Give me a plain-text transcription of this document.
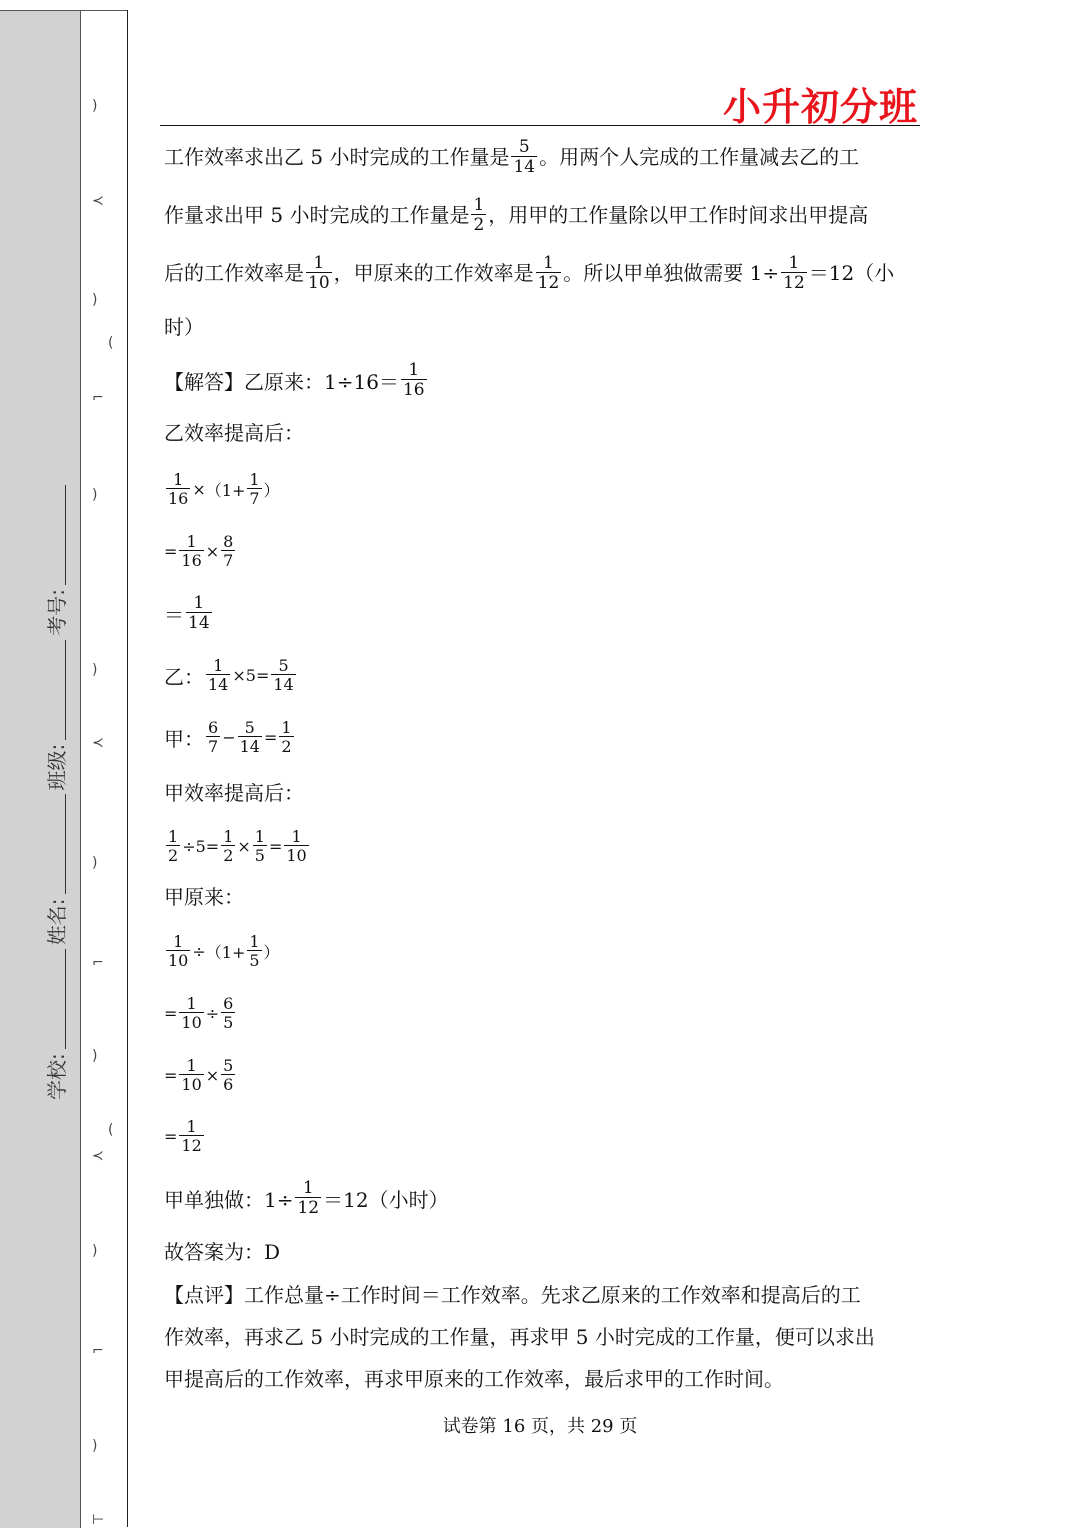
)
≺
)
(
⌐
)
)
≺
)
⌐
)
(
≺
)
⌐
)
⊢
学校:
姓名:
班级:
考号:
小升初分班
工作效率求出乙 5 小时完成的工作量是 $\frac{5}{14}$ 。用两个人完成的工作量减去乙的工
作量求出甲 5 小时完成的工作量是 $\frac{1}{2}$ ，用甲的工作量除以甲工作时间求出甲提高
后的工作效率是 $\frac{1}{10}$ ，甲原来的工作效率是 $\frac{1}{12}$ 。所以甲单独做需要 $1\div \frac{1}{12} =12$（小
时）
【解答】乙原来：$1\div 16= \frac{1}{16}$
乙效率提高后：
$\frac{1}{16} \times (1+ \frac{1}{7}$ ）
= $\frac{1}{16} \times \frac{8}{7}$
＝ $\frac{1}{14}$
乙： $\frac{1}{14} \times 5 = \frac{5}{14}$
甲： $\frac{6}{7} - \frac{5}{14} = \frac{1}{2}$
甲效率提高后：
$\frac{1}{2} \div 5 = \frac{1}{2} \times \frac{1}{5} = \frac{1}{10}$
甲原来：
$\frac{1}{10} \div (1+ \frac{1}{5}$ ）
= $\frac{1}{10} \div \frac{6}{5}$
= $\frac{1}{10} \times \frac{5}{6}$
= $\frac{1}{12}$
甲单独做：$1\div \frac{1}{12} =12$（小时）
故答案为：D
【点评】工作总量÷工作时间＝工作效率。先求乙原来的工作效率和提高后的工
作效率，再求乙 5 小时完成的工作量，再求甲 5 小时完成的工作量，便可以求出
甲提高后的工作效率，再求甲原来的工作效率，最后求甲的工作时间。
试卷第 16 页，共 29 页
